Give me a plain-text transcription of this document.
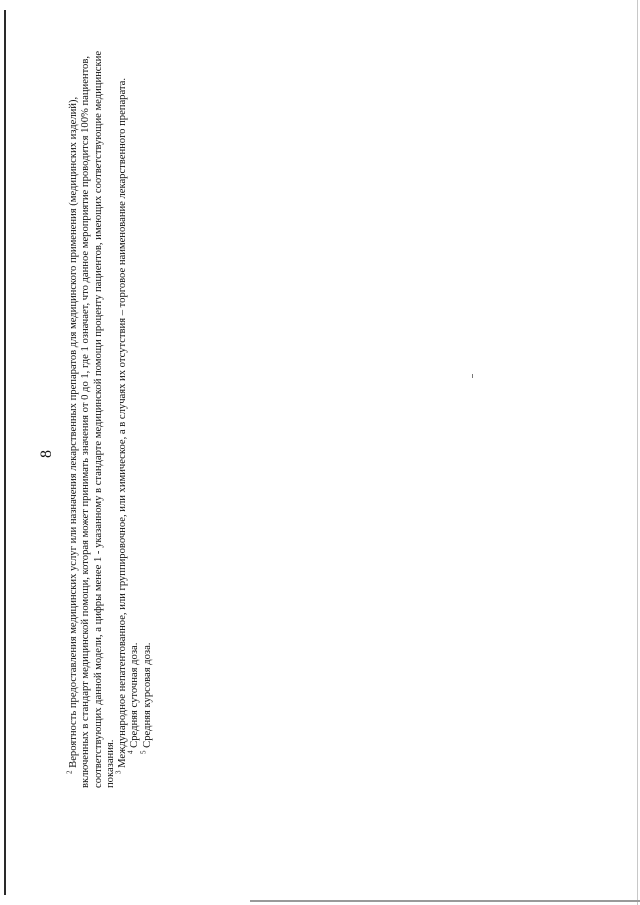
8

$^2$ Вероятность предоставления медицинских услуг или назначения лекарственных препаратов для медицинского применения (медицинских изделий), включенных в стандарт медицинской помощи, которая может принимать значения от 0 до 1, где 1 означает, что данное мероприятие проводится 100% пациентов, соответствующих данной модели, а цифры менее 1 - указанному в стандарте медицинской помощи проценту пациентов, имеющих соответствующие медицинские показания.

$^3$ Международное непатентованное, или группировочное, или химическое, а в случаях их отсутствия – торговое наименование лекарственного препарата.

$^4$ Средняя суточная доза.

$^5$ Средняя курсовая доза.
